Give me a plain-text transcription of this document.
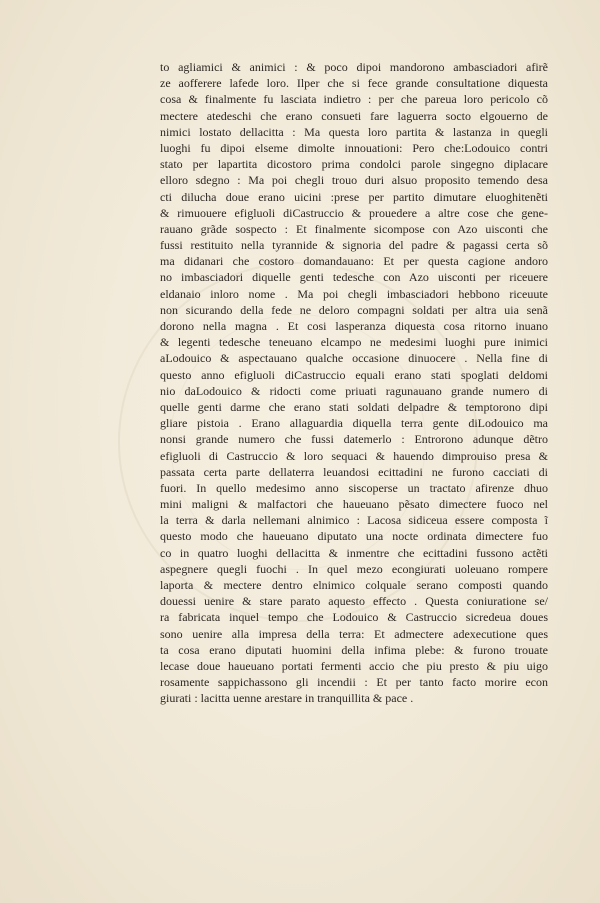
to agliamici & animici : & poco dipoi mandorono ambasciadori afirẽ
ze aofferere lafede loro. Ilper che si fece grande consultatione diquesta
cosa & finalmente fu lasciata indietro : per che pareua loro pericolo cõ
mectere atedeschi che erano consueti fare laguerra socto elgouerno de
nimici lostato dellacitta : Ma questa loro partita & lastanza in quegli
luoghi fu dipoi elseme dimolte innouationi: Pero che:Lodouico contri
stato per lapartita dicostoro prima condolci parole singegno diplacare
elloro sdegno : Ma poi chegli trouo duri alsuo proposito temendo desa
cti dilucha doue erano uicini :prese per partito dimutare eluoghitenẽti
& rimuouere efigluoli diCastruccio & prouedere a altre cose che gene-
rauano grãde sospecto : Et finalmente sicompose con Azo uisconti che
fussi restituito nella tyrannide & signoria del padre & pagassi certa sõ
ma didanari che costoro domandauano: Et per questa cagione andoro
no imbasciadori diquelle genti tedesche con Azo uisconti per riceuere
eldanaio inloro nome . Ma poi chegli imbasciadori hebbono riceuute
non sicurando della fede ne deloro compagni soldati per altra uia senã
dorono nella magna . Et cosi lasperanza diquesta cosa ritorno inuano
& legenti tedesche teneuano elcampo ne medesimi luoghi pure inimici
aLodouico & aspectauano qualche occasione dinuocere . Nella fine di
questo anno efigluoli diCastruccio equali erano stati spoglati deldomi
nio daLodouico & ridocti come priuati ragunauano grande numero di
quelle genti darme che erano stati soldati delpadre & temptorono dipi
gliare pistoia . Erano allaguardia diquella terra gente diLodouico ma
nonsi grande numero che fussi datemerlo : Entrorono adunque dẽtro
efigluoli di Castruccio & loro sequaci & hauendo dimprouiso presa &
passata certa parte dellaterra leuandosi ecittadini ne furono cacciati di
fuori. In quello medesimo anno siscoperse un tractato afirenze dhuo
mini maligni & malfactori che haueuano pẽsato dimectere fuoco nel
la terra & darla nellemani alnimico : Lacosa sidiceua essere composta ĩ
questo modo che haueuano diputato una nocte ordinata dimectere fuo
co in quatro luoghi dellacitta & inmentre che ecittadini fussono actẽti
aspegnere quegli fuochi . In quel mezo econgiurati uoleuano rompere
laporta & mectere dentro elnimico colquale serano composti quando
douessi uenire & stare parato aquesto effecto . Questa coniuratione se/
ra fabricata inquel tempo che Lodouico & Castruccio sicredeua doues
sono uenire alla impresa della terra: Et admectere adexecutione ques
ta cosa erano diputati huomini della infima plebe: & furono trouate
lecase doue haueuano portati fermenti accio che piu presto & piu uigo
rosamente sappichassono gli incendii : Et per tanto facto morire econ
giurati : lacitta uenne arestare in tranquillita & pace .
